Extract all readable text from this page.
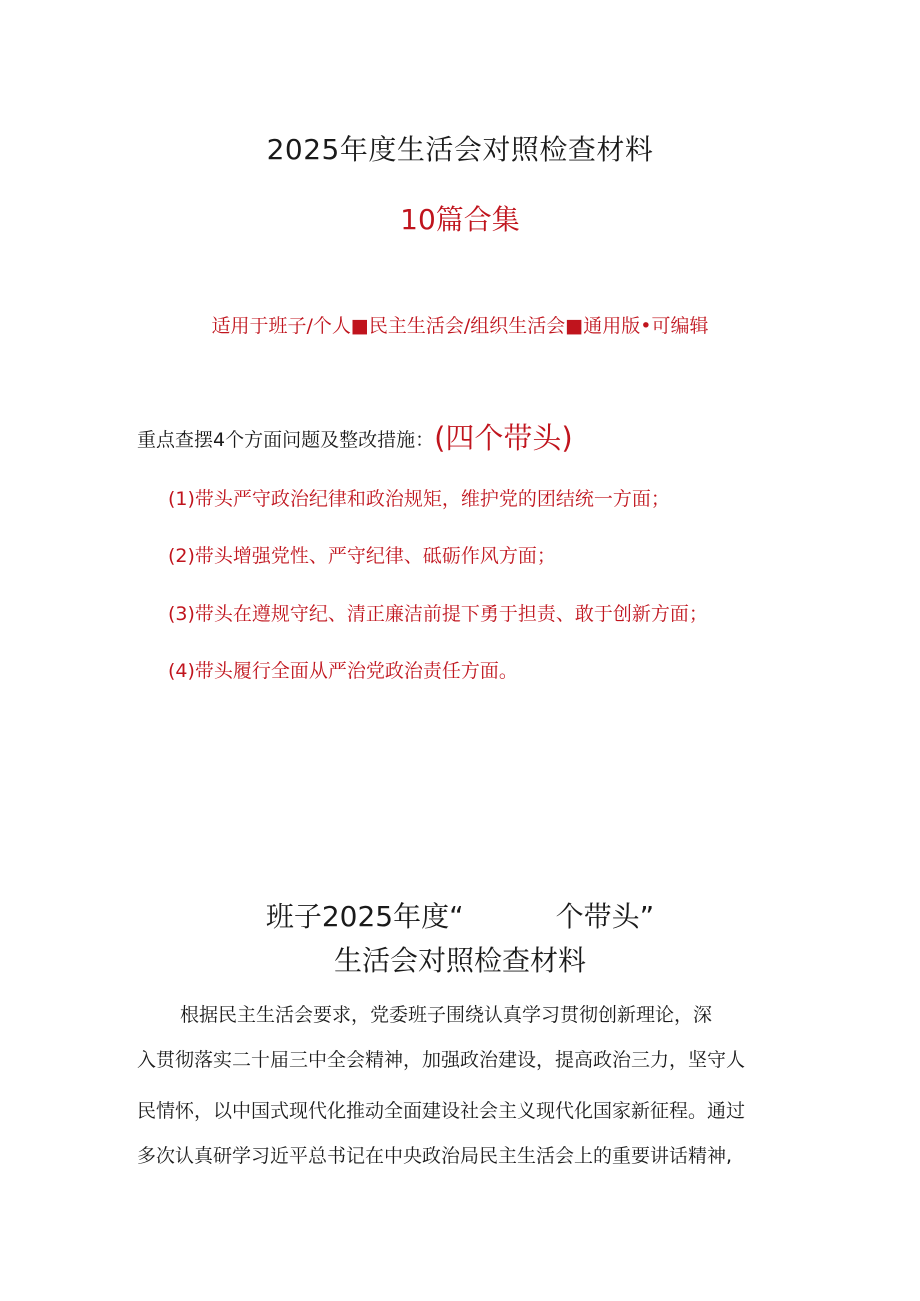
2025年度生活会对照检查材料
10篇合集
适用于班子/个人■民主生活会/组织生活会■通用版•可编辑
重点查摆4个方面问题及整改措施：(四个带头)
(1)带头严守政治纪律和政治规矩，维护党的团结统一方面；
(2)带头增强党性、严守纪律、砥砺作风方面；
(3)带头在遵规守纪、清正廉洁前提下勇于担责、敢于创新方面；
(4)带头履行全面从严治党政治责任方面。
班子2025年度“	个带头”
生活会对照检查材料
根据民主生活会要求，党委班子围绕认真学习贯彻创新理论，深
入贯彻落实二十届三中全会精神，加强政治建设，提高政治三力，坚守人
民情怀，以中国式现代化推动全面建设社会主义现代化国家新征程。通过
多次认真研学习近平总书记在中央政治局民主生活会上的重要讲话精神,
